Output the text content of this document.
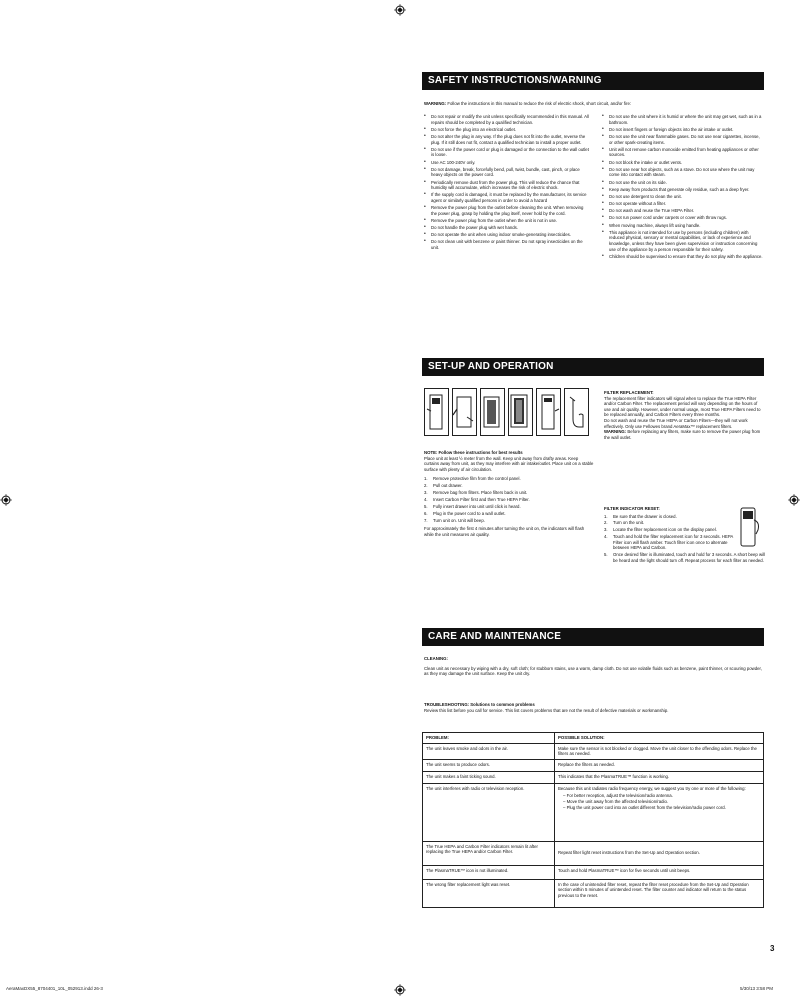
SAFETY INSTRUCTIONS/WARNING
WARNING: Follow the instructions in this manual to reduce the risk of electric shock, short circuit, and/or fire:
• Do not repair or modify the unit unless specifically recommended in this manual. All repairs should be completed by a qualified technician.
• Do not force the plug into an electrical outlet.
• Do not alter the plug in any way. If the plug does not fit into the outlet, reverse the plug. If it still does not fit, contact a qualified technician to install a proper outlet.
• Do not use if the power cord or plug is damaged or the connection to the wall outlet is loose.
• Use AC 100-240V only.
• Do not damage, break, forcefully bend, pull, twist, bundle, cast, pinch, or place heavy objects on the power cord.
• Periodically remove dust from the power plug. This will reduce the chance that humidity will accumulate, which increases the risk of electric shock.
• If the supply cord is damaged, it must be replaced by the manufacturer, its service agent or similarly qualified persons in order to avoid a hazard
• Remove the power plug from the outlet before cleaning the unit. When removing the power plug, grasp by holding the plug itself, never hold by the cord.
• Remove the power plug from the outlet when the unit is not in use.
• Do not handle the power plug with wet hands.
• Do not operate the unit when using indoor smoke-generating insecticides.
• Do not clean unit with benzene or paint thinner. Do not spray insecticides on the unit.
• Do not use the unit where it is humid or where the unit may get wet, such as in a bathroom.
• Do not insert fingers or foreign objects into the air intake or outlet.
• Do not use the unit near flammable gases. Do not use near cigarettes, incense, or other spark-creating items.
• Unit will not remove carbon monoxide emitted from heating appliances or other sources.
• Do not block the intake or outlet vents.
• Do not use near hot objects, such as a stove. Do not use where the unit may come into contact with steam.
• Do not use the unit on its side.
• Keep away from products that generate oily residue, such as a deep fryer.
• Do not use detergent to clean the unit.
• Do not operate without a filter.
• Do not wash and reuse the True HEPA Filter.
• Do not run power cord under carpets or cover with throw rugs.
• When moving machine, always lift using handle.
• This appliance is not intended for use by persons (including children) with reduced physical, sensory or mental capabilities, or lack of experience and knowledge, unless they have been given supervision or instruction concerning use of the appliance by a person responsible for their safety.
• Children should be supervised to ensure that they do not play with the appliance.
SET-UP AND OPERATION
NOTE: Follow these instructions for best results
Place unit at least ½ meter from the wall. Keep unit away from drafty areas. Keep curtains away from unit, as they may interfere with air intake/outlet. Place unit on a stable surface with plenty of air circulation.
1. Remove protective film from the control panel.
2. Pull out drawer.
3. Remove bag from filters. Place filters back in unit.
4. Insert Carbon Filter first and then True HEPA Filter.
5. Fully insert drawer into unit until click is heard.
6. Plug in the power cord to a wall outlet.
7. Turn unit on. Unit will beep.
For approximately the first 4 minutes after turning the unit on, the indicators will flash while the unit measures air quality.
FILTER REPLACEMENT:
The replacement filter indicators will signal when to replace the True HEPA Filter and/or Carbon Filter. The replacement period will vary depending on the hours of use and air quality. However, under normal usage, most True HEPA Filters need to be replaced annually, and Carbon Filters every three months.
Do not wash and reuse the True HEPA or Carbon Filters—they will not work effectively. Only use Fellowes brand AeraMax™ replacement filters.
WARNING: Before replacing any filters, make sure to remove the power plug from the wall outlet.
FILTER INDICATOR RESET:
1. Be sure that the drawer is closed.
2. Turn on the unit.
3. Locate the filter replacement icon on the display panel.
4. Touch and hold the filter replacement icon for 3 seconds. HEPA Filter icon will flash amber. Touch filter icon once to alternate between HEPA and Carbon.
5. Once desired filter is illuminated, touch and hold for 3 seconds. A short beep will be heard and the light should turn off. Repeat process for each filter as needed.
CARE AND MAINTENANCE
CLEANING:
Clean unit as necessary by wiping with a dry, soft cloth; for stubborn stains, use a warm, damp cloth. Do not use volatile fluids such as benzene, paint thinner, or scouring powder, as they may damage the unit surface. Keep the unit dry.
TROUBLESHOOTING: Solutions to common problems
Review this list before you call for service. This list covers problems that are not the result of defective materials or workmanship.
PROBLEM:	POSSIBLE SOLUTION:
The unit leaves smoke and odors in the air.	Make sure the sensor is not blocked or clogged. Move the unit closer to the offending odors. Replace the filters as needed.
The unit seems to produce odors.	Replace the filters as needed.
The unit makes a faint ticking sound.	This indicates that the PlasmaTRUE™ function is working.
The unit interferes with radio or television reception.	Because this unit radiates radio frequency energy, we suggest you try one or more of the following:
– For better reception, adjust the television/radio antenna.
– Move the unit away from the affected television/radio.
– Plug the unit power cord into an outlet different from the television/radio power cord.

The True HEPA and Carbon Filter indicators remain lit after replacing the True HEPA and/or Carbon Filter.	Repeat filter light reset instructions from the Set-Up and Operation section.
The PlasmaTRUE™ icon is not illuminated.	Touch and hold PlasmaTRUE™ icon for five seconds until unit beeps.
The wrong filter replacement light was reset.	In the case of unintended filter reset, repeat the filter reset procedure from the Set-Up and Operation section within 5 minutes of unintended reset. The filter counter and indicator will return to the status previous to the reset.
3
AeraMaxDX55_8704401_10L_052913.indd 26-3	5/30/13 3:58 PM
